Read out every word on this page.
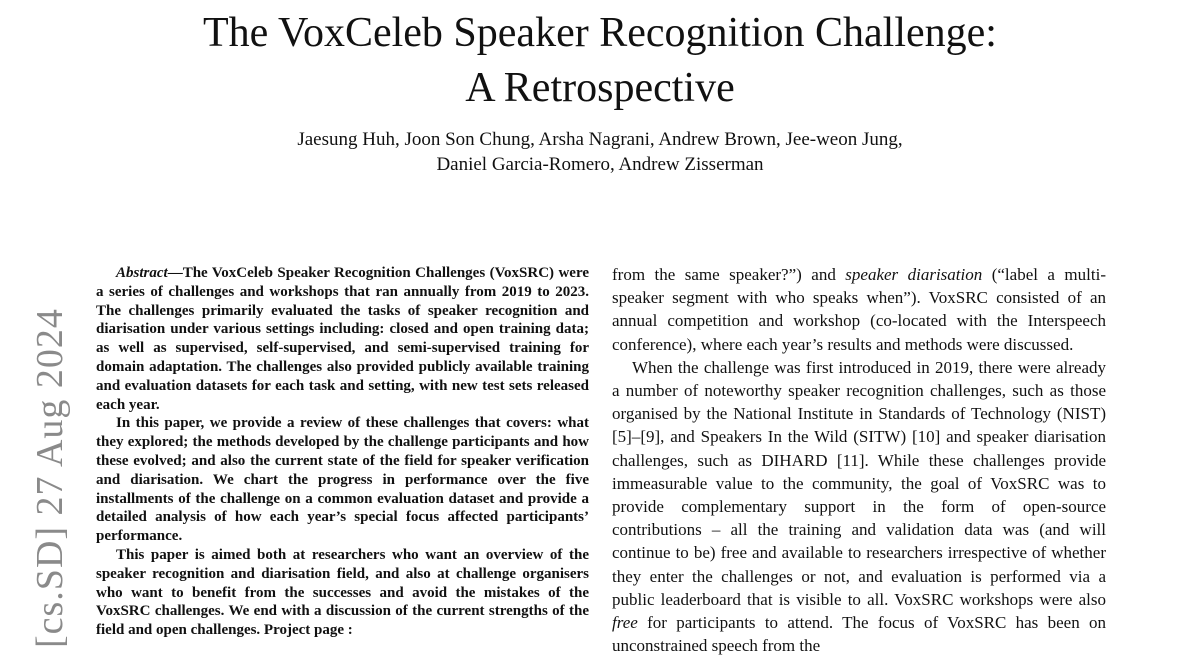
The VoxCeleb Speaker Recognition Challenge:
A Retrospective
Jaesung Huh, Joon Son Chung, Arsha Nagrani, Andrew Brown, Jee-weon Jung,
Daniel Garcia-Romero, Andrew Zisserman
[cs.SD] 27 Aug 2024

Abstract—The VoxCeleb Speaker Recognition Challenges (VoxSRC) were a series of challenges and workshops that ran annually from 2019 to 2023. The challenges primarily evaluated the tasks of speaker recognition and diarisation under various settings including: closed and open training data; as well as supervised, self-supervised, and semi-supervised training for domain adaptation. The challenges also provided publicly available training and evaluation datasets for each task and setting, with new test sets released each year.

In this paper, we provide a review of these challenges that covers: what they explored; the methods developed by the challenge participants and how these evolved; and also the current state of the field for speaker verification and diarisation. We chart the progress in performance over the five installments of the challenge on a common evaluation dataset and provide a detailed analysis of how each year’s special focus affected participants’ performance.

This paper is aimed both at researchers who want an overview of the speaker recognition and diarisation field, and also at challenge organisers who want to benefit from the successes and avoid the mistakes of the VoxSRC challenges. We end with a discussion of the current strengths of the field and open challenges. Project page :

from the same speaker?”) and speaker diarisation (“label a multi-speaker segment with who speaks when”). VoxSRC consisted of an annual competition and workshop (co-located with the Interspeech conference), where each year’s results and methods were discussed.

When the challenge was first introduced in 2019, there were already a number of noteworthy speaker recognition challenges, such as those organised by the National Institute in Standards of Technology (NIST) [5]–[9], and Speakers In the Wild (SITW) [10] and speaker diarisation challenges, such as DIHARD [11]. While these challenges provide immeasurable value to the community, the goal of VoxSRC was to provide complementary support in the form of open-source contributions – all the training and validation data was (and will continue to be) free and available to researchers irrespective of whether they enter the challenges or not, and evaluation is performed via a public leaderboard that is visible to all. VoxSRC workshops were also free for participants to attend. The focus of VoxSRC has been on unconstrained speech from the
